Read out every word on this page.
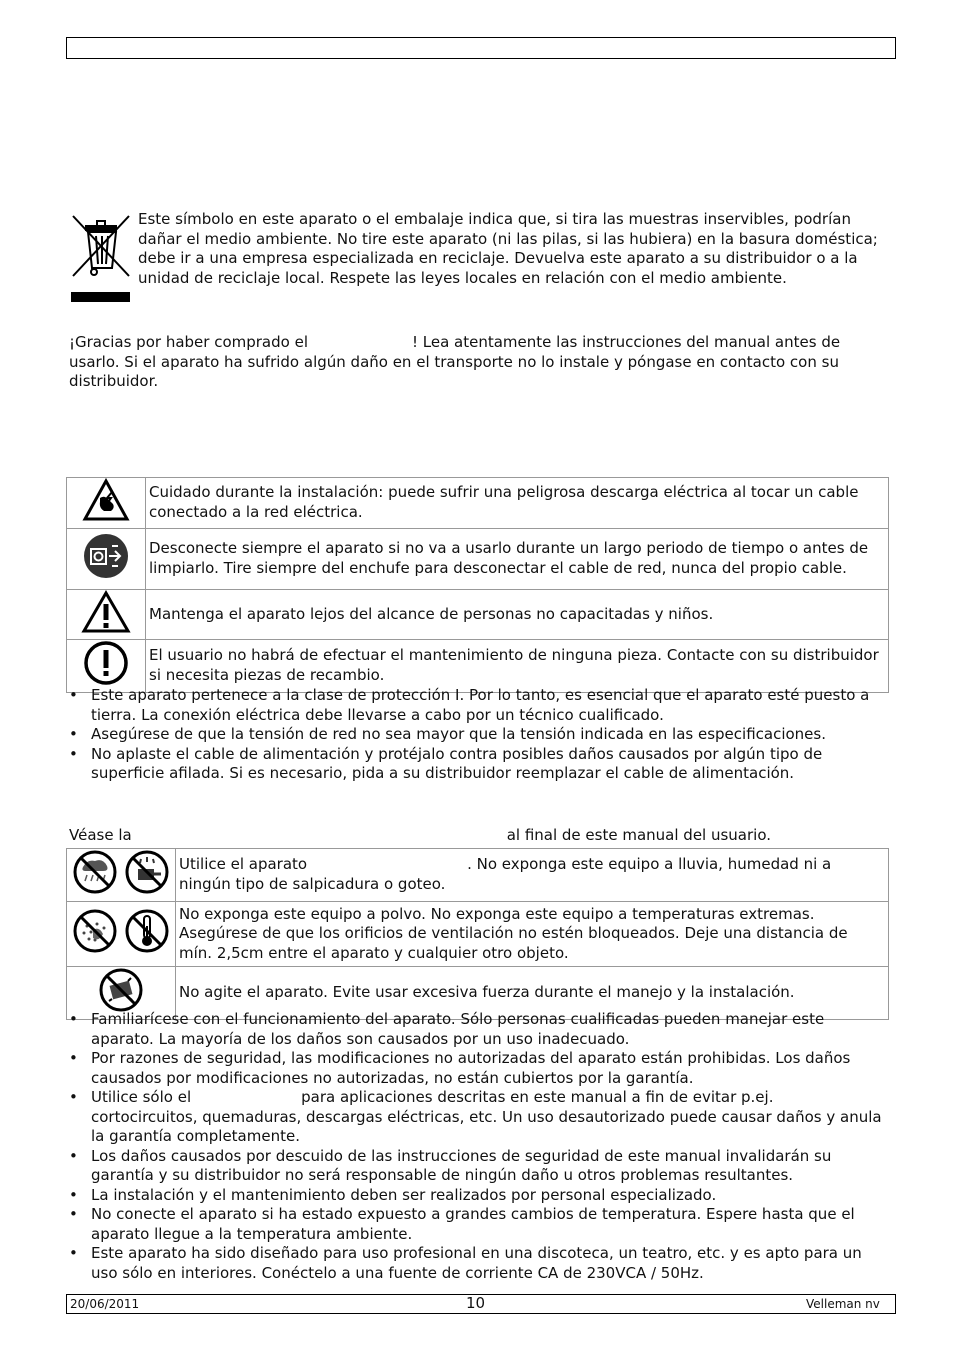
Este símbolo en este aparato o el embalaje indica que, si tira las muestras inservibles, podrían dañar el medio ambiente. No tire este aparato (ni las pilas, si las hubiera) en la basura doméstica; debe ir a una empresa especializada en reciclaje. Devuelva este aparato a su distribuidor o a la unidad de reciclaje local. Respete las leyes locales en relación con el medio ambiente.
¡Gracias por haber comprado el	! Lea atentamente las instrucciones del manual antes de usarlo. Si el aparato ha sufrido algún daño en el transporte no lo instale y póngase en contacto con su distribuidor.
	Cuidado durante la instalación: puede sufrir una peligrosa descarga eléctrica al tocar un cable conectado a la red eléctrica.
	Desconecte siempre el aparato si no va a usarlo durante un largo periodo de tiempo o antes de limpiarlo. Tire siempre del enchufe para desconectar el cable de red, nunca del propio cable.
	Mantenga el aparato lejos del alcance de personas no capacitadas y niños.
	El usuario no habrá de efectuar el mantenimiento de ninguna pieza. Contacte con su distribuidor si necesita piezas de recambio.
• Este aparato pertenece a la clase de protección I. Por lo tanto, es esencial que el aparato esté puesto a tierra. La conexión eléctrica debe llevarse a cabo por un técnico cualificado.
• Asegúrese de que la tensión de red no sea mayor que la tensión indicada en las especificaciones.
• No aplaste el cable de alimentación y protéjalo contra posibles daños causados por algún tipo de superficie afilada. Si es necesario, pida a su distribuidor reemplazar el cable de alimentación.
Véase la	al final de este manual del usuario.
	Utilice el aparato . No exponga este equipo a lluvia, humedad ni a ningún tipo de salpicadura o goteo.
	No exponga este equipo a polvo. No exponga este equipo a temperaturas extremas. Asegúrese de que los orificios de ventilación no estén bloqueados. Deje una distancia de mín. 2,5cm entre el aparato y cualquier otro objeto.
	No agite el aparato. Evite usar excesiva fuerza durante el manejo y la instalación.
• Familiarícese con el funcionamiento del aparato. Sólo personas cualificadas pueden manejar este aparato. La mayoría de los daños son causados por un uso inadecuado.
• Por razones de seguridad, las modificaciones no autorizadas del aparato están prohibidas. Los daños causados por modificaciones no autorizadas, no están cubiertos por la garantía.
• Utilice sólo el	para aplicaciones descritas en este manual a fin de evitar p.ej. cortocircuitos, quemaduras, descargas eléctricas, etc. Un uso desautorizado puede causar daños y anula la garantía completamente.
• Los daños causados por descuido de las instrucciones de seguridad de este manual invalidarán su garantía y su distribuidor no será responsable de ningún daño u otros problemas resultantes.
• La instalación y el mantenimiento deben ser realizados por personal especializado.
• No conecte el aparato si ha estado expuesto a grandes cambios de temperatura. Espere hasta que el aparato llegue a la temperatura ambiente.
• Este aparato ha sido diseñado para uso profesional en una discoteca, un teatro, etc. y es apto para un uso sólo en interiores. Conéctelo a una fuente de corriente CA de 230VCA / 50Hz.
20/06/2011	10	Velleman nv
